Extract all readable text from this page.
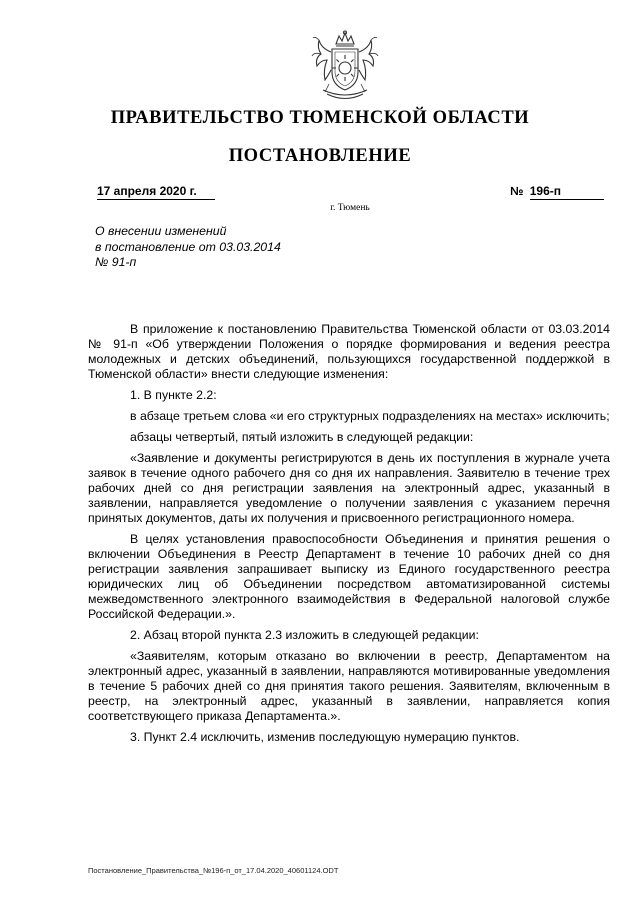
ПРАВИТЕЛЬСТВО ТЮМЕНСКОЙ ОБЛАСТИ
ПОСТАНОВЛЕНИЕ
17 апреля 2020 г.	№ 196-п
г. Тюмень
О внесении изменений
в постановление от 03.03.2014
№ 91-п

В приложение к постановлению Правительства Тюменской области от 03.03.2014 № 91-п «Об утверждении Положения о порядке формирования и ведения реестра молодежных и детских объединений, пользующихся государственной поддержкой в Тюменской области» внести следующие изменения:

1. В пункте 2.2:

в абзаце третьем слова «и его структурных подразделениях на местах» исключить;

абзацы четвертый, пятый изложить в следующей редакции:

«Заявление и документы регистрируются в день их поступления в журнале учета заявок в течение одного рабочего дня со дня их направления. Заявителю в течение трех рабочих дней со дня регистрации заявления на электронный адрес, указанный в заявлении, направляется уведомление о получении заявления с указанием перечня принятых документов, даты их получения и присвоенного регистрационного номера.

В целях установления правоспособности Объединения и принятия решения о включении Объединения в Реестр Департамент в течение 10 рабочих дней со дня регистрации заявления запрашивает выписку из Единого государственного реестра юридических лиц об Объединении посредством автоматизированной системы межведомственного электронного взаимодействия в Федеральной налоговой службе Российской Федерации.».

2. Абзац второй пункта 2.3 изложить в следующей редакции:

«Заявителям, которым отказано во включении в реестр, Департаментом на электронный адрес, указанный в заявлении, направляются мотивированные уведомления в течение 5 рабочих дней со дня принятия такого решения. Заявителям, включенным в реестр, на электронный адрес, указанный в заявлении, направляется копия соответствующего приказа Департамента.».

3. Пункт 2.4 исключить, изменив последующую нумерацию пунктов.

Постановление_Правительства_№196-п_от_17.04.2020_40601124.ODT
